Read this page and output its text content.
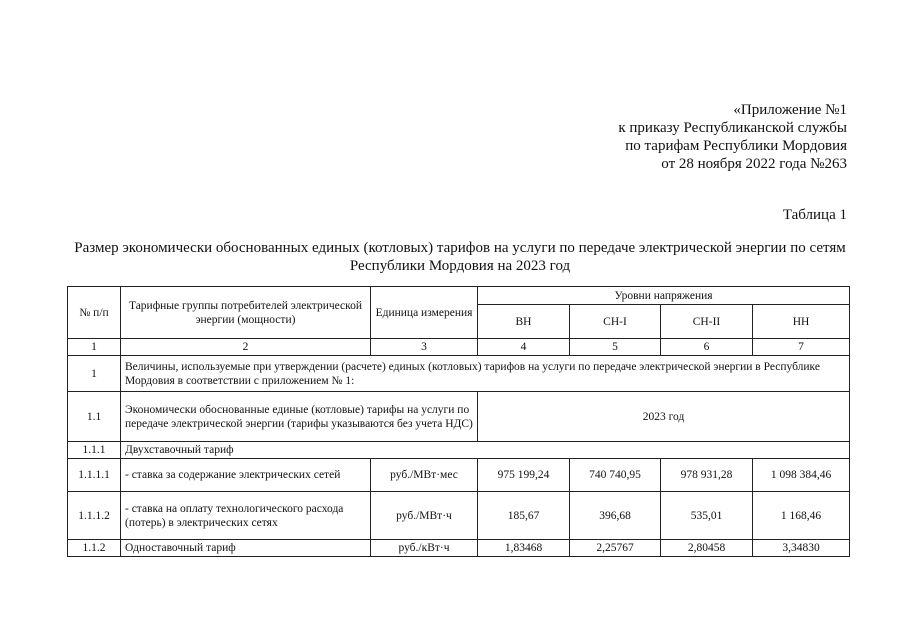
«Приложение №1
к приказу Республиканской службы
по тарифам Республики Мордовия
от 28 ноября 2022 года №263
Таблица 1
Размер экономически обоснованных единых (котловых) тарифов на услуги по передаче электрической энергии по сетям
Республики Мордовия на 2023 год
№ п/п	Тарифные группы потребителей электрической энергии (мощности)	Единица измерения	Уровни напряжения			
			ВН	СН-I	СН-II	НН
1	2	3	4	5	6	7
1	Величины, используемые при утверждении (расчете) единых (котловых) тарифов на услуги по передаче электрической энергии в Республике Мордовия в соответствии с приложением № 1:					
1.1	Экономически обоснованные единые (котловые) тарифы на услуги по передаче электрической энергии (тарифы указываются без учета НДС)		2023 год			
1.1.1	Двухставочный тариф					
1.1.1.1	- ставка за содержание электрических сетей	руб./МВт·мес	975 199,24	740 740,95	978 931,28	1 098 384,46
1.1.1.2	- ставка на оплату технологического расхода (потерь) в электрических сетях	руб./МВт·ч	185,67	396,68	535,01	1 168,46
1.1.2	Одноставочный тариф	руб./кВт·ч	1,83468	2,25767	2,80458	3,34830
